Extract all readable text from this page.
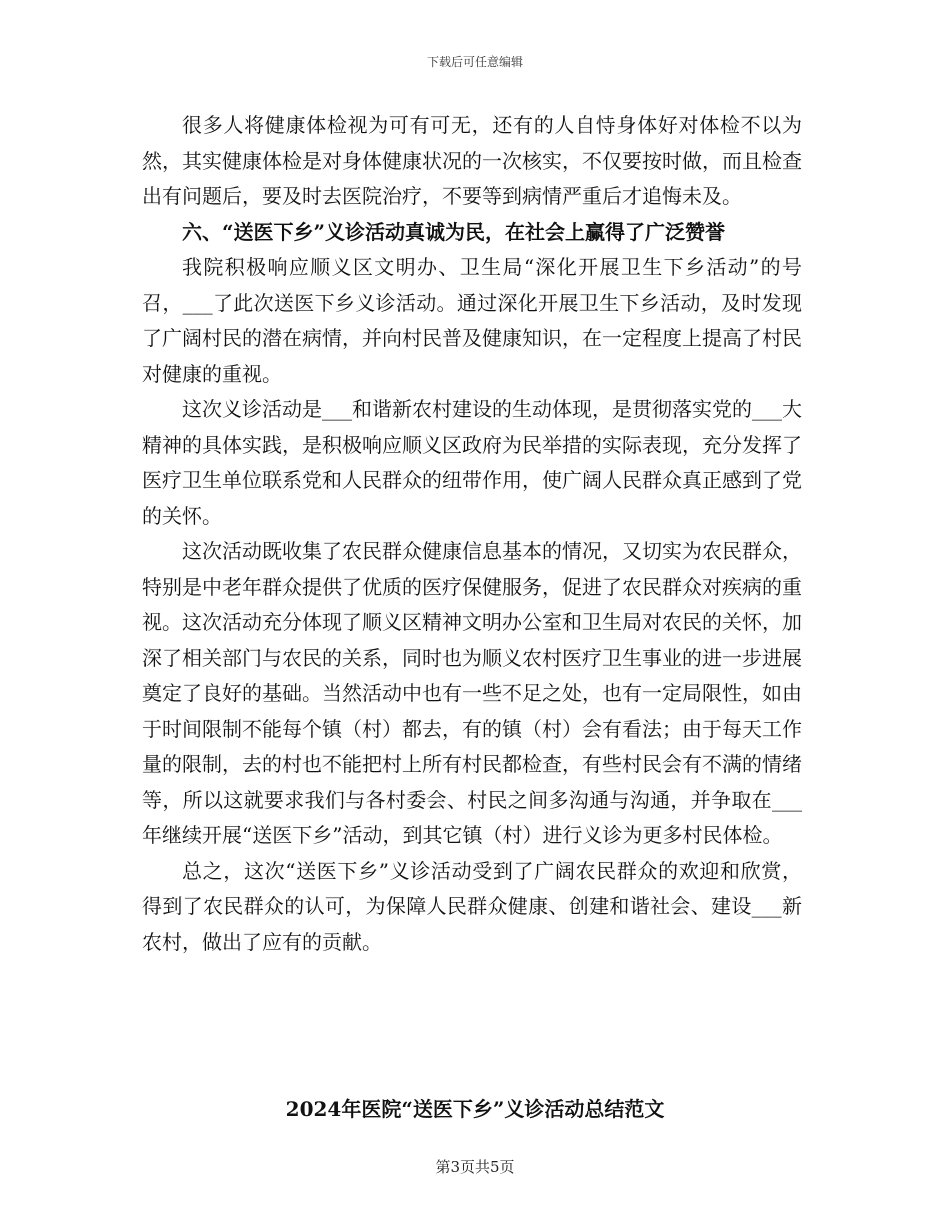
下载后可任意编辑

很多人将健康体检视为可有可无，还有的人自恃身体好对体检不以为然，其实健康体检是对身体健康状况的一次核实，不仅要按时做，而且检查出有问题后，要及时去医院治疗，不要等到病情严重后才追悔未及。

六、“送医下乡”义诊活动真诚为民，在社会上赢得了广泛赞誉

我院积极响应顺义区文明办、卫生局“深化开展卫生下乡活动”的号召，___了此次送医下乡义诊活动。通过深化开展卫生下乡活动，及时发现了广阔村民的潜在病情，并向村民普及健康知识，在一定程度上提高了村民对健康的重视。

这次义诊活动是___和谐新农村建设的生动体现，是贯彻落实党的___大精神的具体实践，是积极响应顺义区政府为民举措的实际表现，充分发挥了医疗卫生单位联系党和人民群众的纽带作用，使广阔人民群众真正感到了党的关怀。

这次活动既收集了农民群众健康信息基本的情况，又切实为农民群众，特别是中老年群众提供了优质的医疗保健服务，促进了农民群众对疾病的重视。这次活动充分体现了顺义区精神文明办公室和卫生局对农民的关怀，加深了相关部门与农民的关系，同时也为顺义农村医疗卫生事业的进一步进展奠定了良好的基础。当然活动中也有一些不足之处，也有一定局限性，如由于时间限制不能每个镇（村）都去，有的镇（村）会有看法；由于每天工作量的限制，去的村也不能把村上所有村民都检查，有些村民会有不满的情绪等，所以这就要求我们与各村委会、村民之间多沟通与沟通，并争取在___年继续开展“送医下乡”活动，到其它镇（村）进行义诊为更多村民体检。

总之，这次“送医下乡”义诊活动受到了广阔农民群众的欢迎和欣赏，得到了农民群众的认可，为保障人民群众健康、创建和谐社会、建设___新农村，做出了应有的贡献。

2024年医院“送医下乡”义诊活动总结范文
第3页共5页
